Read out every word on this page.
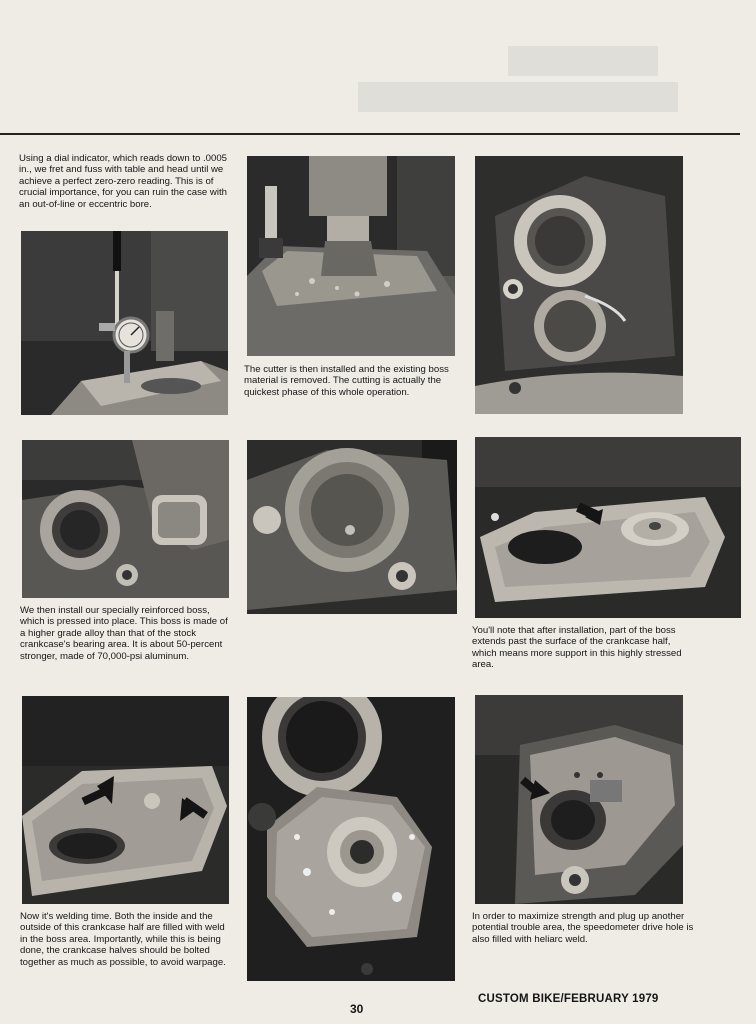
Using a dial indicator, which reads down to .0005 in., we fret and fuss with table and head until we achieve a perfect zero-zero reading. This is of crucial importance, for you can ruin the case with an out-of-line or eccentric bore.

The cutter is then installed and the existing boss material is removed. The cutting is actually the quickest phase of this whole operation.

We then install our specially reinforced boss, which is pressed into place. This boss is made of a higher grade alloy than that of the stock crankcase's bearing area. It is about 50-percent stronger, made of 70,000-psi aluminum.

You'll note that after installation, part of the boss extends past the surface of the crankcase half, which means more support in this highly stressed area.

Now it's welding time. Both the inside and the outside of this crankcase half are filled with weld in the boss area. Importantly, while this is being done, the crankcase halves should be bolted together as much as possible, to avoid warpage.

In order to maximize strength and plug up another potential trouble area, the speedometer drive hole is also filled with heliarc weld.

30
CUSTOM BIKE/FEBRUARY 1979
